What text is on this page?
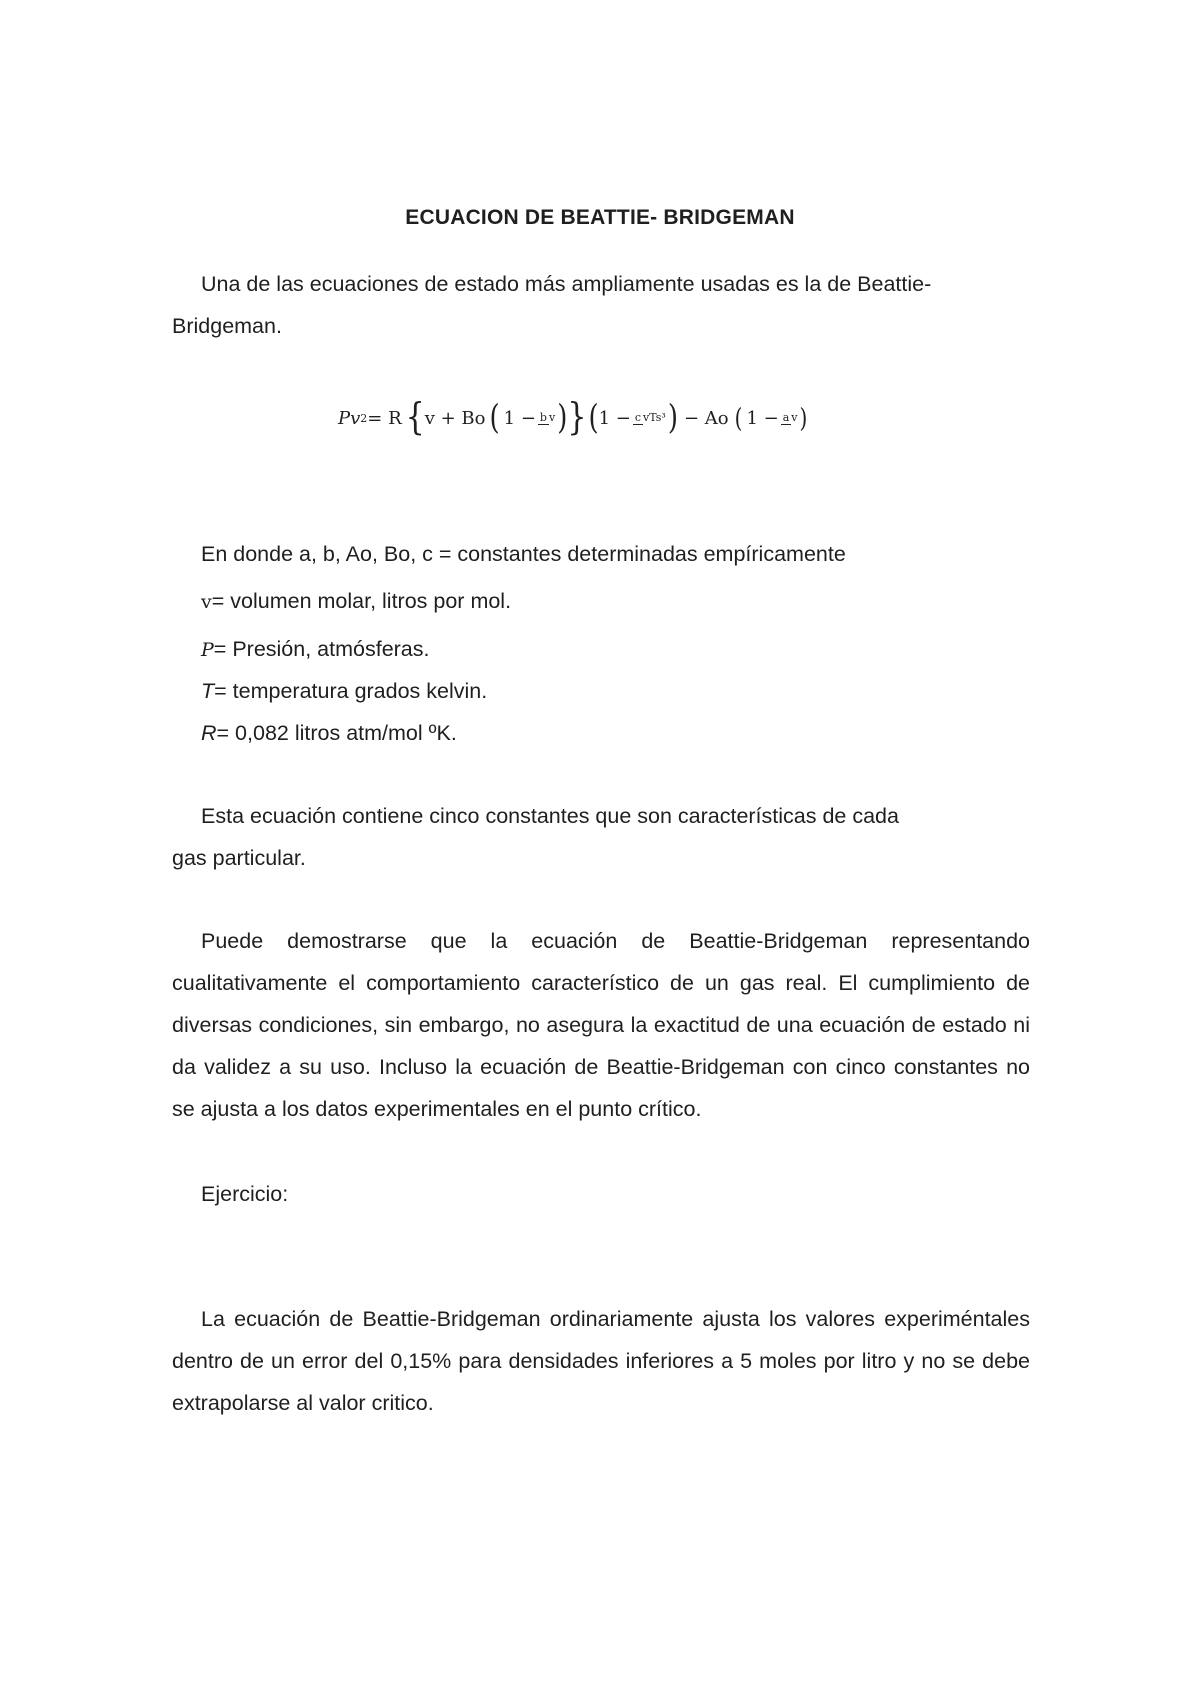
ECUACION DE BEATTIE- BRIDGEMAN
Una de las ecuaciones de estado más ampliamente usadas es la de Beattie-
Bridgeman.
Pv 2 = R { v + Bo ( 1 − b v ) } ( 1 − c vTs³ ) − Ao ( 1 − a v )
En donde a, b, Ao, Bo, c = constantes determinadas empíricamente
v= volumen molar, litros por mol.
P= Presión, atmósferas.
T= temperatura grados kelvin.
R= 0,082 litros atm/mol ºK.
Esta ecuación contiene cinco constantes que son características de cada
gas particular.
Puede demostrarse que la ecuación de Beattie-Bridgeman representando cualitativamente el comportamiento característico de un gas real. El cumplimiento de diversas condiciones, sin embargo, no asegura la exactitud de una ecuación de estado ni da validez a su uso. Incluso la ecuación de Beattie-Bridgeman con cinco constantes no se ajusta a los datos experimentales en el punto crítico.
Ejercicio:
La ecuación de Beattie-Bridgeman ordinariamente ajusta los valores experiméntales dentro de un error del 0,15% para densidades inferiores a 5 moles por litro y no se debe extrapolarse al valor critico.
